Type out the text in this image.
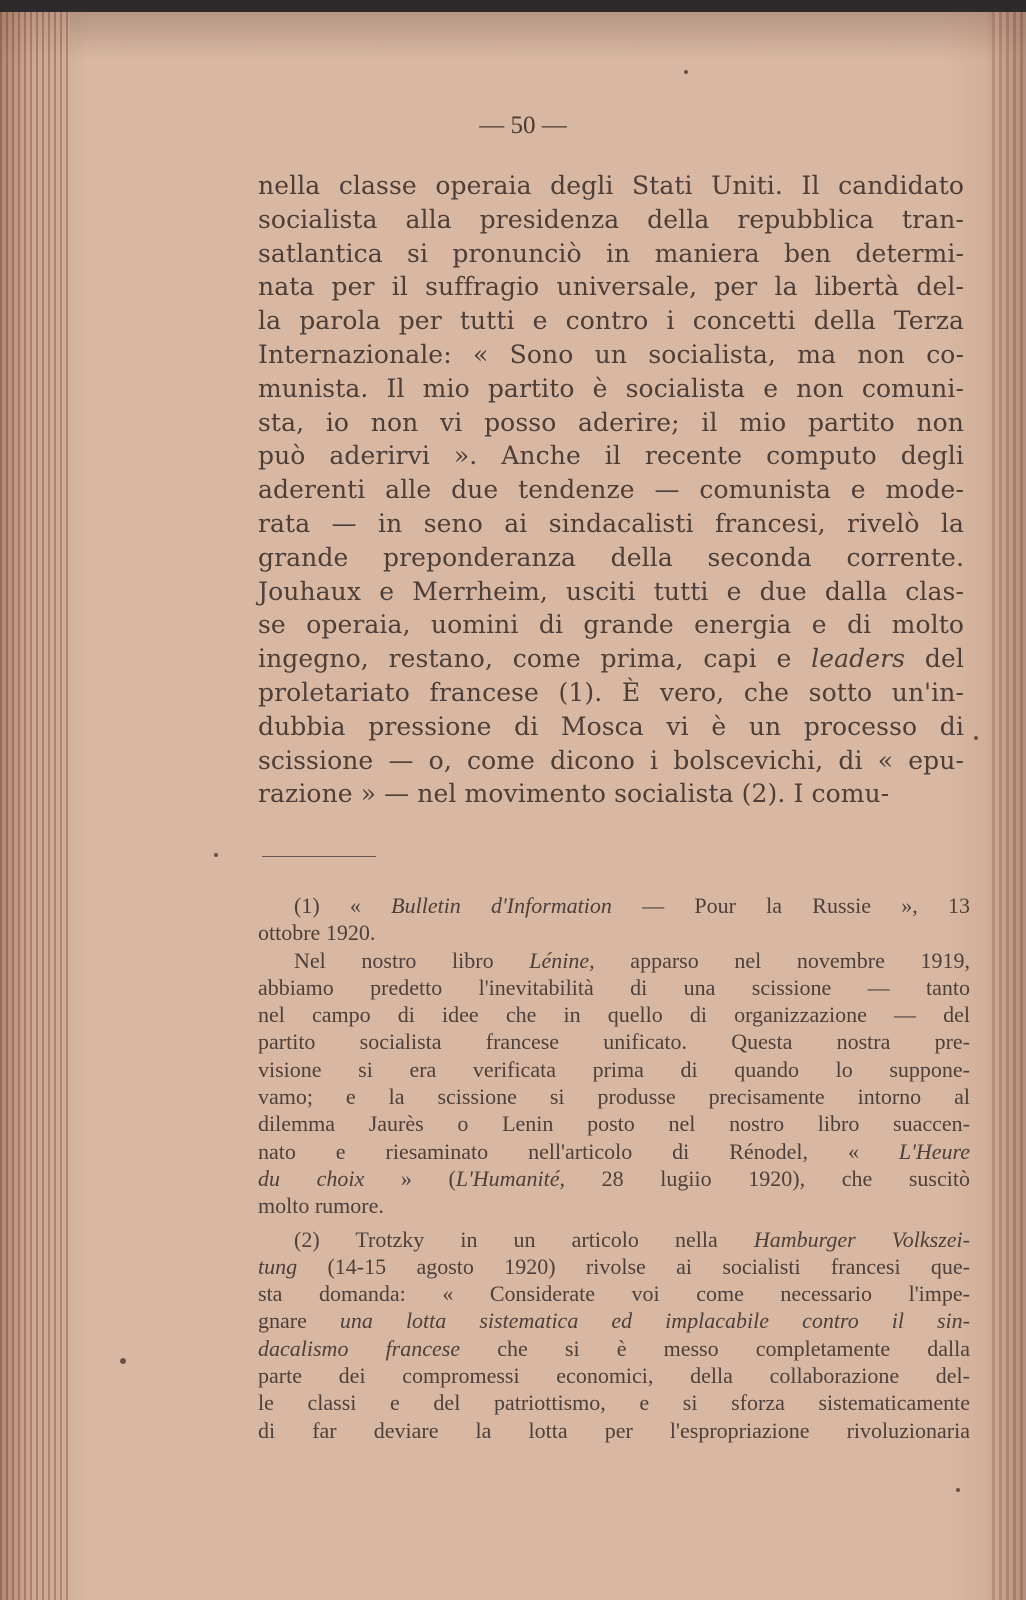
— 50 —
nella classe operaia degli Stati Uniti. Il candidato
socialista alla presidenza della repubblica tran-
satlantica si pronunciò in maniera ben determi-
nata per il suffragio universale, per la libertà del-
la parola per tutti e contro i concetti della Terza
Internazionale: « Sono un socialista, ma non co-
munista. Il mio partito è socialista e non comuni-
sta, io non vi posso aderire; il mio partito non
può aderirvi ». Anche il recente computo degli
aderenti alle due tendenze — comunista e mode-
rata — in seno ai sindacalisti francesi, rivelò la
grande preponderanza della seconda corrente.
Jouhaux e Merrheim, usciti tutti e due dalla clas-
se operaia, uomini di grande energia e di molto
ingegno, restano, come prima, capi e leaders del
proletariato francese (1). È vero, che sotto un'in-
dubbia pressione di Mosca vi è un processo di
scissione — o, come dicono i bolscevichi, di « epu-
razione » — nel movimento socialista (2). I comu-
(1) « Bulletin d'Information — Pour la Russie », 13
ottobre 1920.
Nel nostro libro Lénine, apparso nel novembre 1919,
abbiamo predetto l'inevitabilità di una scissione — tanto
nel campo di idee che in quello di organizzazione — del
partito socialista francese unificato. Questa nostra pre-
visione si era verificata prima di quando lo supponе-
vamo; e la scissione si produsse precisamente intorno al
dilemma Jaurès o Lenin posto nel nostro libro suaccen-
nato e riesaminato nell'articolo di Rénodel, « L'Heure
du choix » (L'Humanité, 28 lugiio 1920), che suscitò
molto rumore.
(2) Trotzky in un articolo nella Hamburger Volkszei-
tung (14-15 agosto 1920) rivolse ai socialisti francesi que-
sta domanda: « Considerate voi come necessario l'impe-
gnare una lotta sistematica ed implacabile contro il sin-
dacalismo francese che si è messo completamente dalla
parte dei compromessi economici, della collaborazione del-
le classi e del patriottismo, e si sforza sistematicamente
di far deviare la lotta per l'espropriazione rivoluzionaria
